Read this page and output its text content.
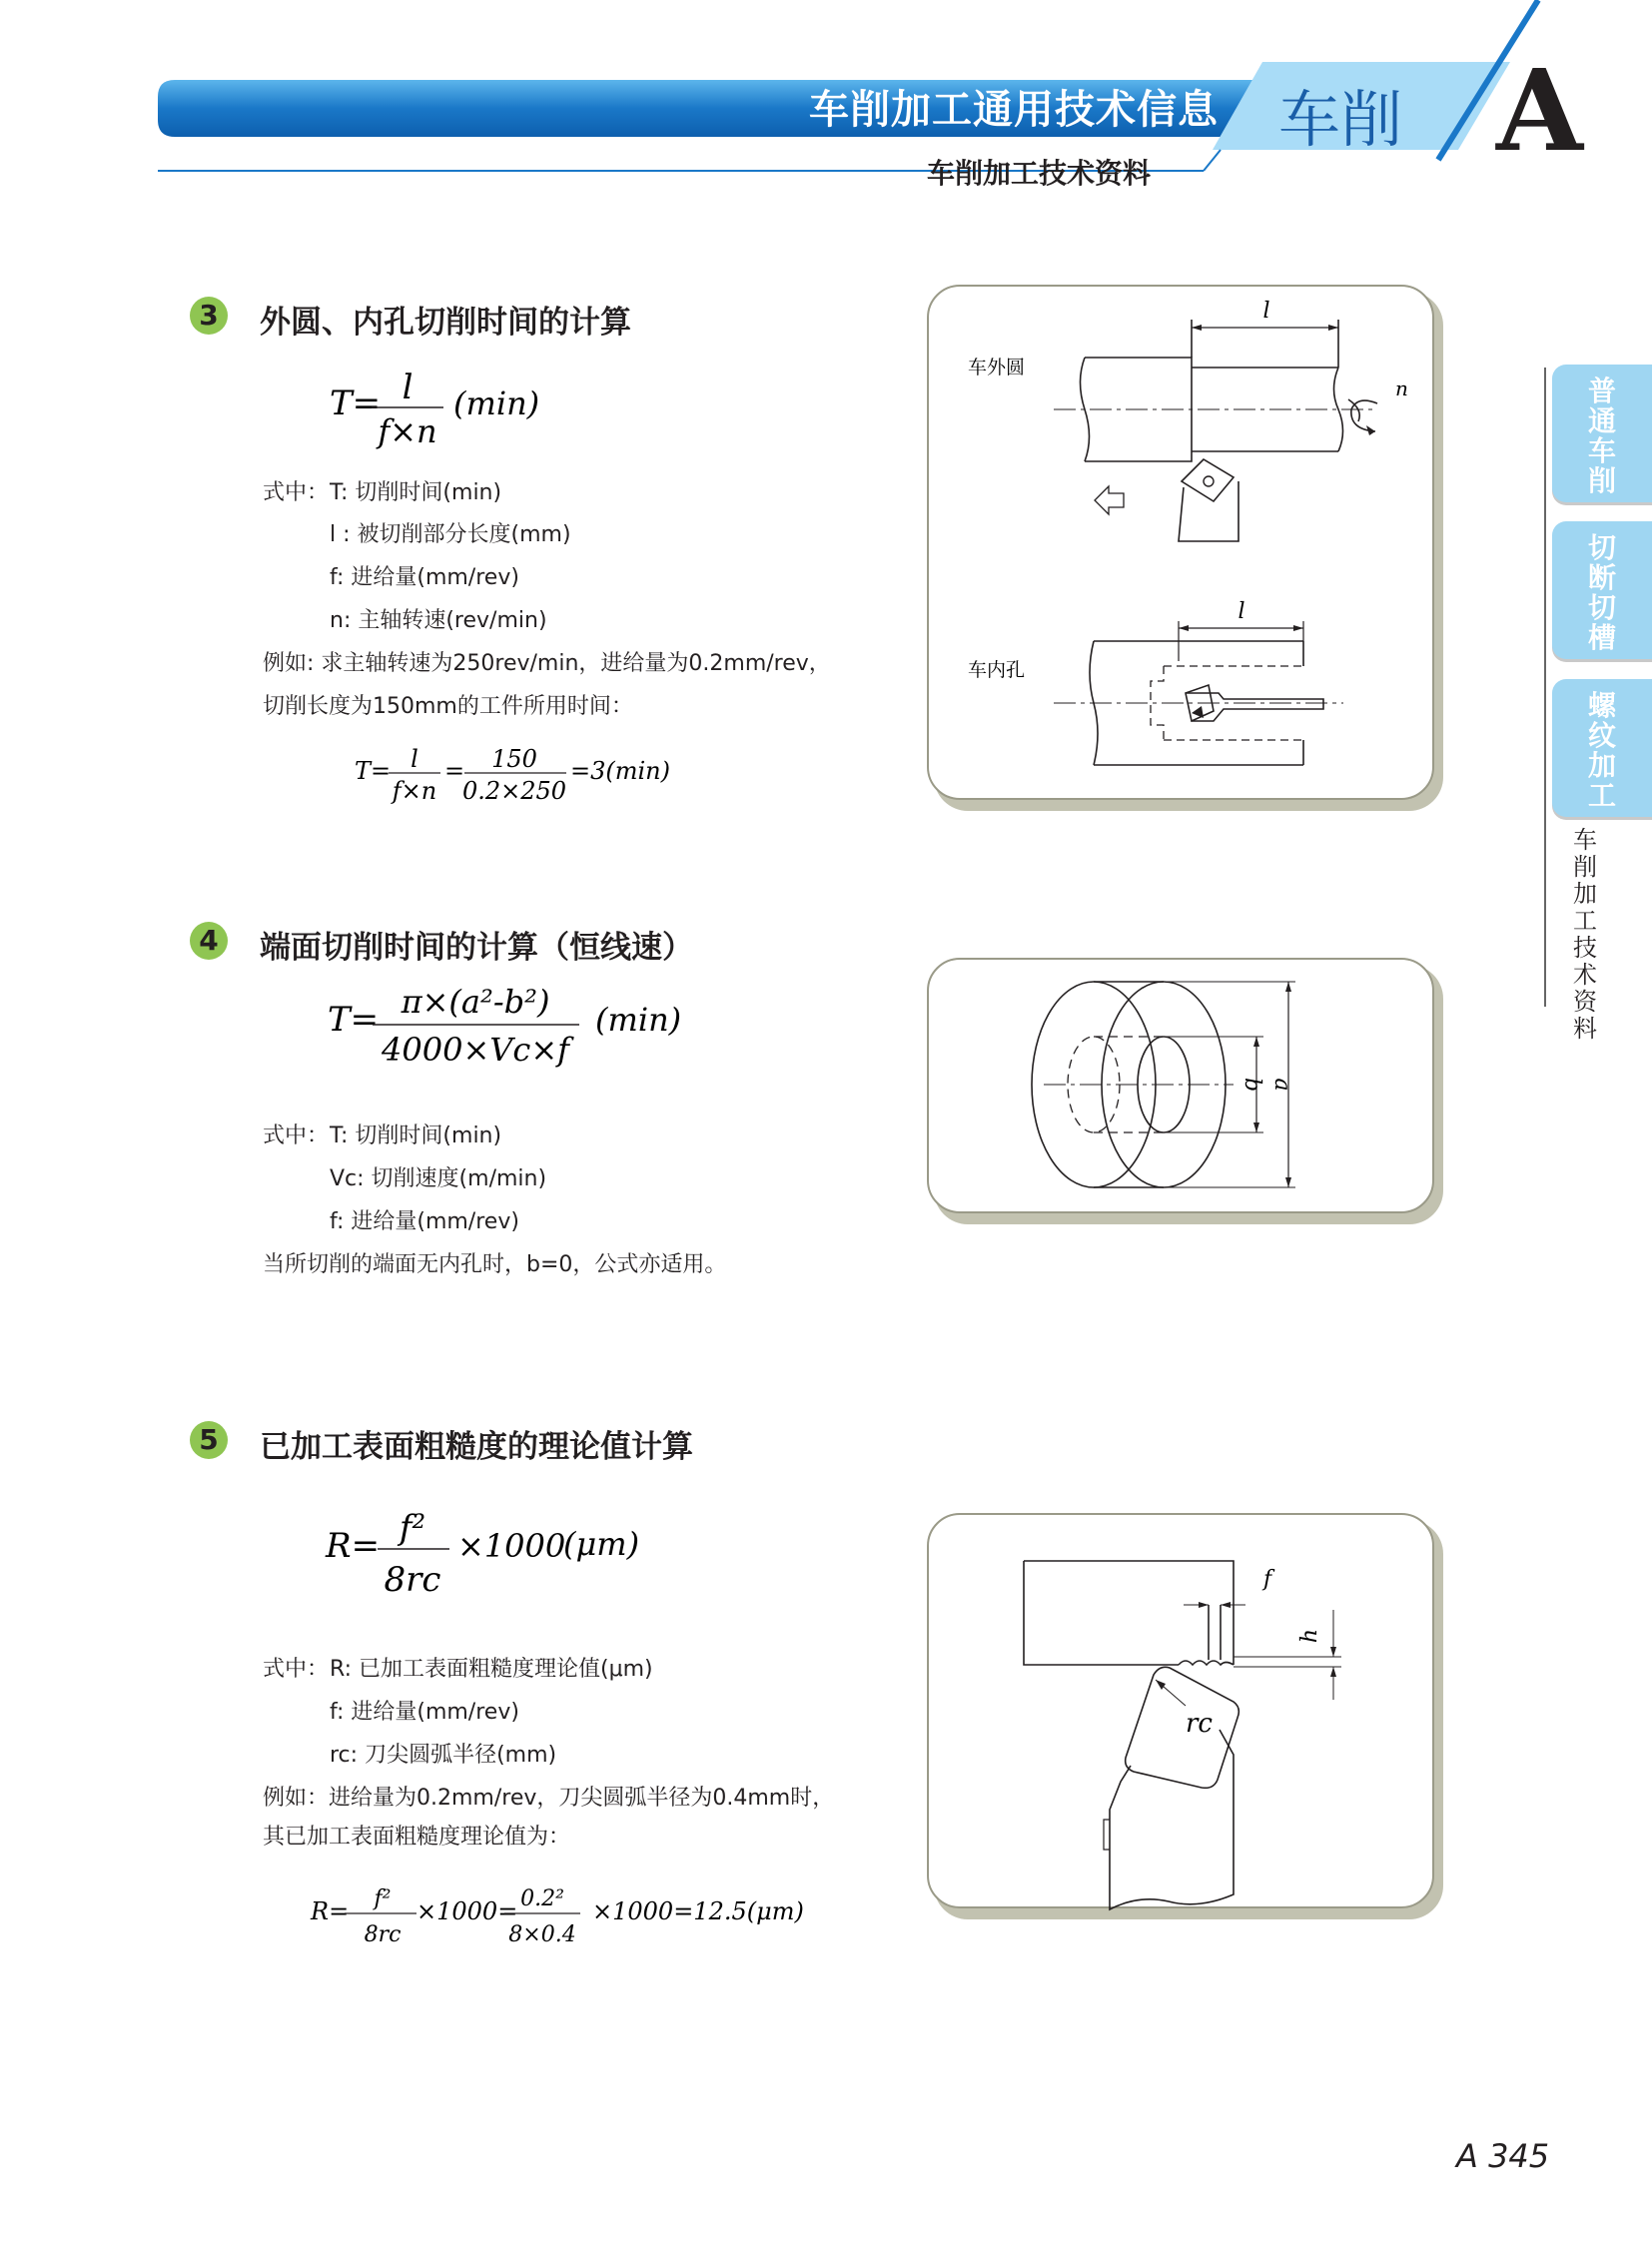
车削加工通用技术信息 车削 A
车削加工技术资料
普通车削
切断切槽
螺纹加工
车削加工技术资料
3 外圆、内孔切削时间的计算
T= l
f×n
(min)
式中： T: 切削时间(min)
l : 被切削部分长度(mm)
f: 进给量(mm/rev)
n: 主轴转速(rev/min)
例如: 求主轴转速为250rev/min，进给量为0.2mm/rev，
切削长度为150mm的工件所用时间：
T= l
f×n
= 150
0.2×250
=3(min)
车外圆
车内孔
l
n
l
4 端面切削时间的计算（恒线速）
T= π×(a²-b²)
4000×Vc×f
(min)
式中： T: 切削时间(min)
Vc: 切削速度(m/min)
f: 进给量(mm/rev)
当所切削的端面无内孔时，b=0，公式亦适用。
b a
5 已加工表面粗糙度的理论值计算
R= f²
8rc
×1000
(μm)
式中： R: 已加工表面粗糙度理论值(μm)
f: 进给量(mm/rev)
rc: 刀尖圆弧半径(mm)
例如：进给量为0.2mm/rev，刀尖圆弧半径为0.4mm时，
其已加工表面粗糙度理论值为：
R= f²
8rc
×1000= 0.2²
8×0.4
×1000=12.5(μm)
f
h
rc
A 345
